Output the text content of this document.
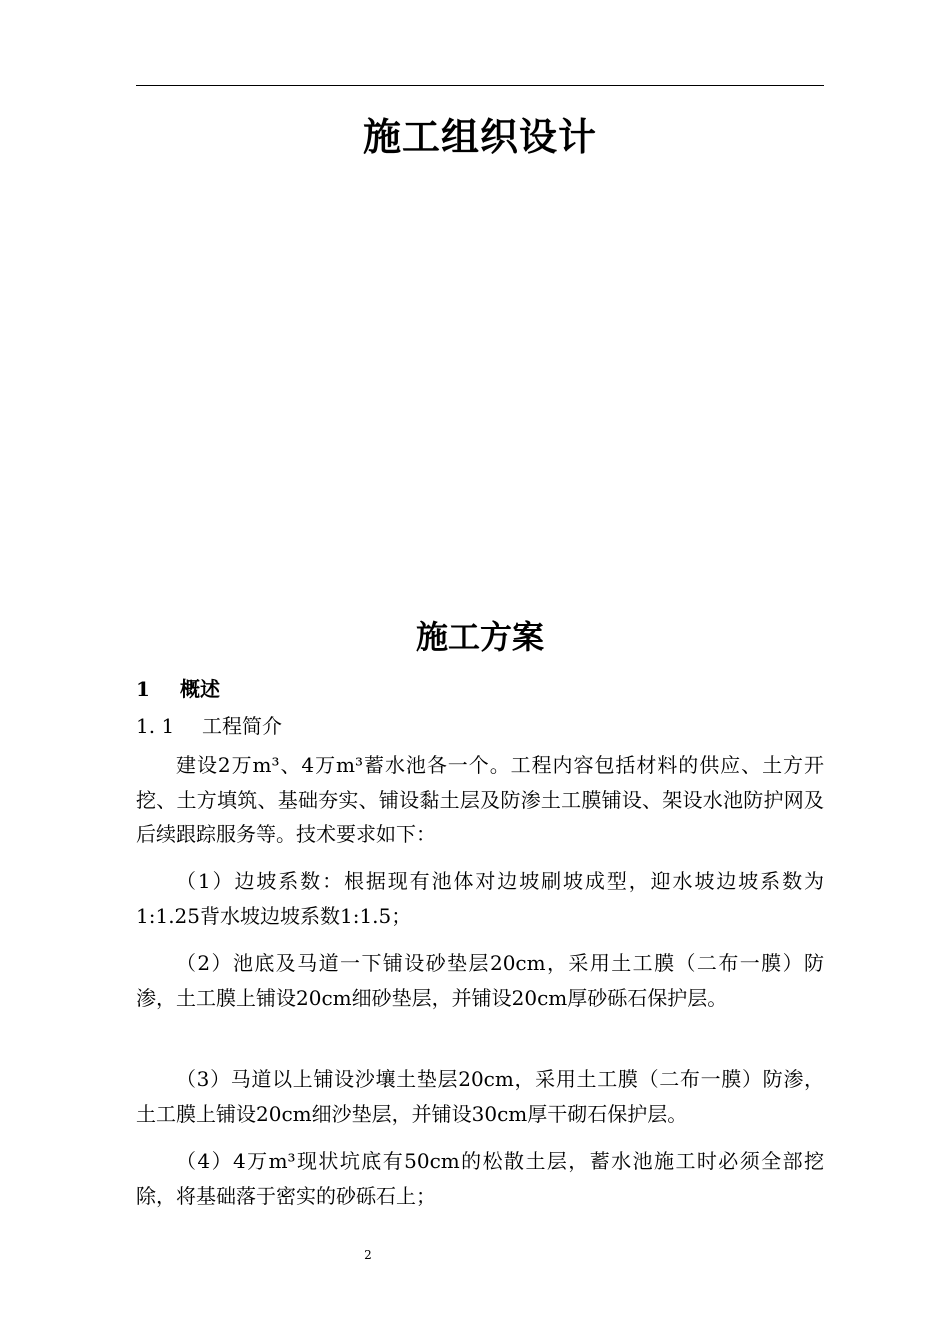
施工组织设计
施工方案
1 概述
1. 1 工程简介

建设2万m³、4万m³蓄水池各一个。工程内容包括材料的供应、土方开挖、土方填筑、基础夯实、铺设黏土层及防渗土工膜铺设、架设水池防护网及后续跟踪服务等。技术要求如下：

（1）边坡系数：根据现有池体对边坡刷坡成型，迎水坡边坡系数为1:1.25背水坡边坡系数1:1.5；

（2）池底及马道一下铺设砂垫层20cm，采用土工膜（二布一膜）防渗，土工膜上铺设20cm细砂垫层，并铺设20cm厚砂砾石保护层。

（3）马道以上铺设沙壤土垫层20cm，采用土工膜（二布一膜）防渗，土工膜上铺设20cm细沙垫层，并铺设30cm厚干砌石保护层。

（4）4万m³现状坑底有50cm的松散土层，蓄水池施工时必须全部挖除，将基础落于密实的砂砾石上；

2
